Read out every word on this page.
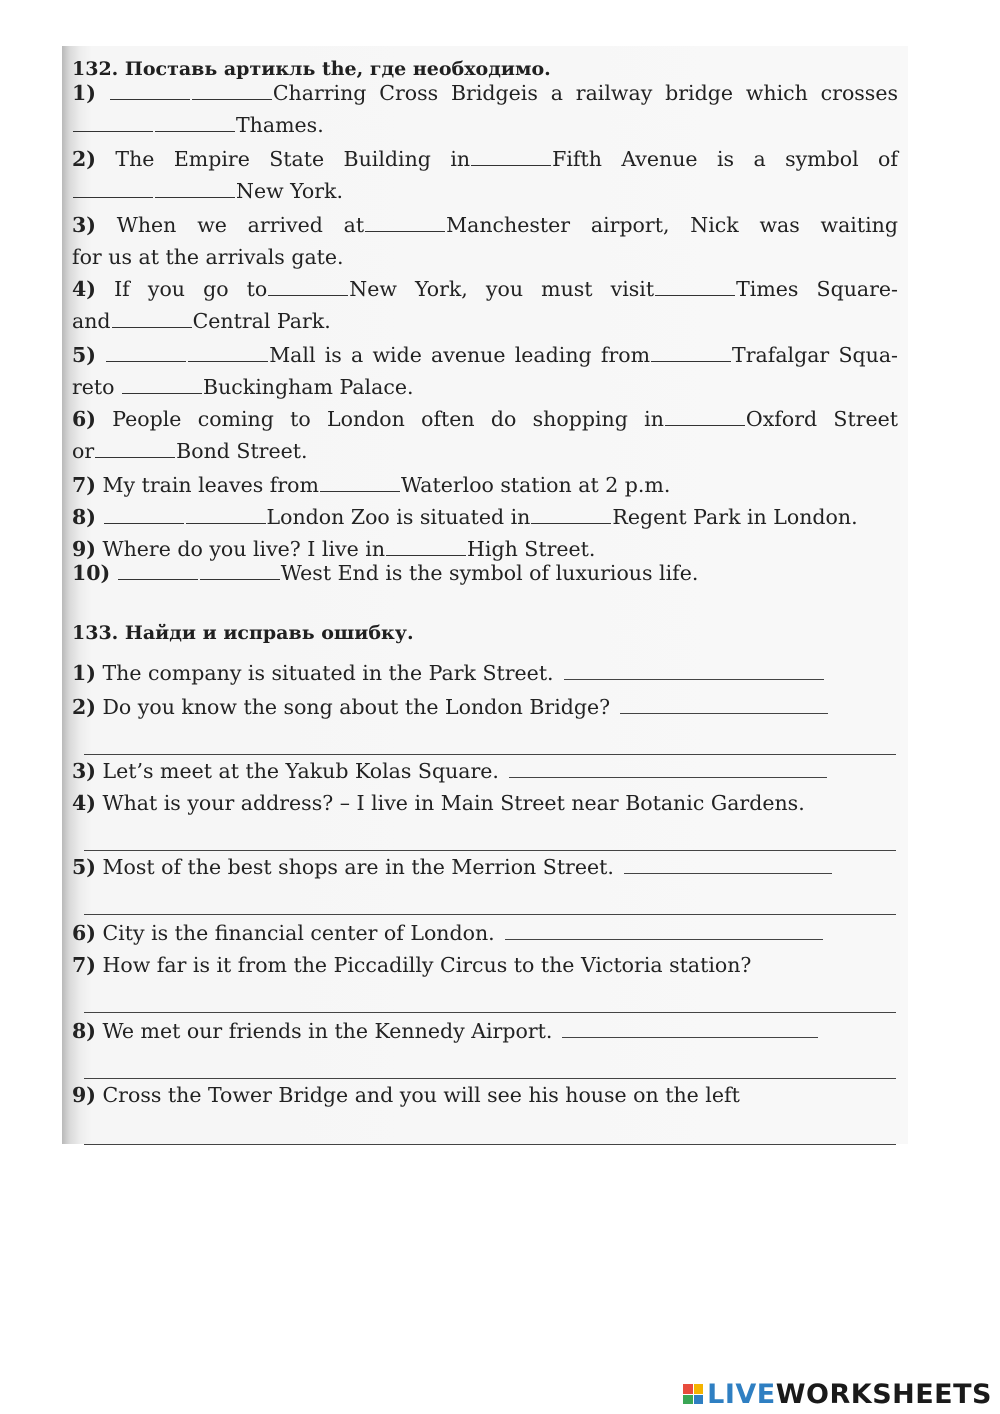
132. Поставь артикль the, где необходимо.
1)	Charring Cross Bridgeis a railway bridge which crosses
Thames.
2) The Empire State Building in	Fifth Avenue is a symbol of
New York.
3) When we arrived at	Manchester airport, Nick was waiting
for us at the arrivals gate.
4) If you go to	New York, you must visit	Times Square-
and	Central Park.
5)	Mall is a wide avenue leading from	Trafalgar Squa-
reto	Buckingham Palace.
6) People coming to London often do shopping in	Oxford Street
or	Bond Street.
7) My train leaves from	Waterloo station at 2 p.m.
8)	London Zoo is situated in	Regent Park in London.
9) Where do you live? I live in	High Street.
10)	West End is the symbol of luxurious life.
133. Найди и исправь ошибку.
1) The company is situated in the Park Street.
2) Do you know the song about the London Bridge?
3) Let’s meet at the Yakub Kolas Square.
4) What is your address? – I live in Main Street near Botanic Gardens.
5) Most of the best shops are in the Merrion Street.
6) City is the financial center of London.
7) How far is it from the Piccadilly Circus to the Victoria station?
8) We met our friends in the Kennedy Airport.
9) Cross the Tower Bridge and you will see his house on the left
LIVEWORKSHEETS
